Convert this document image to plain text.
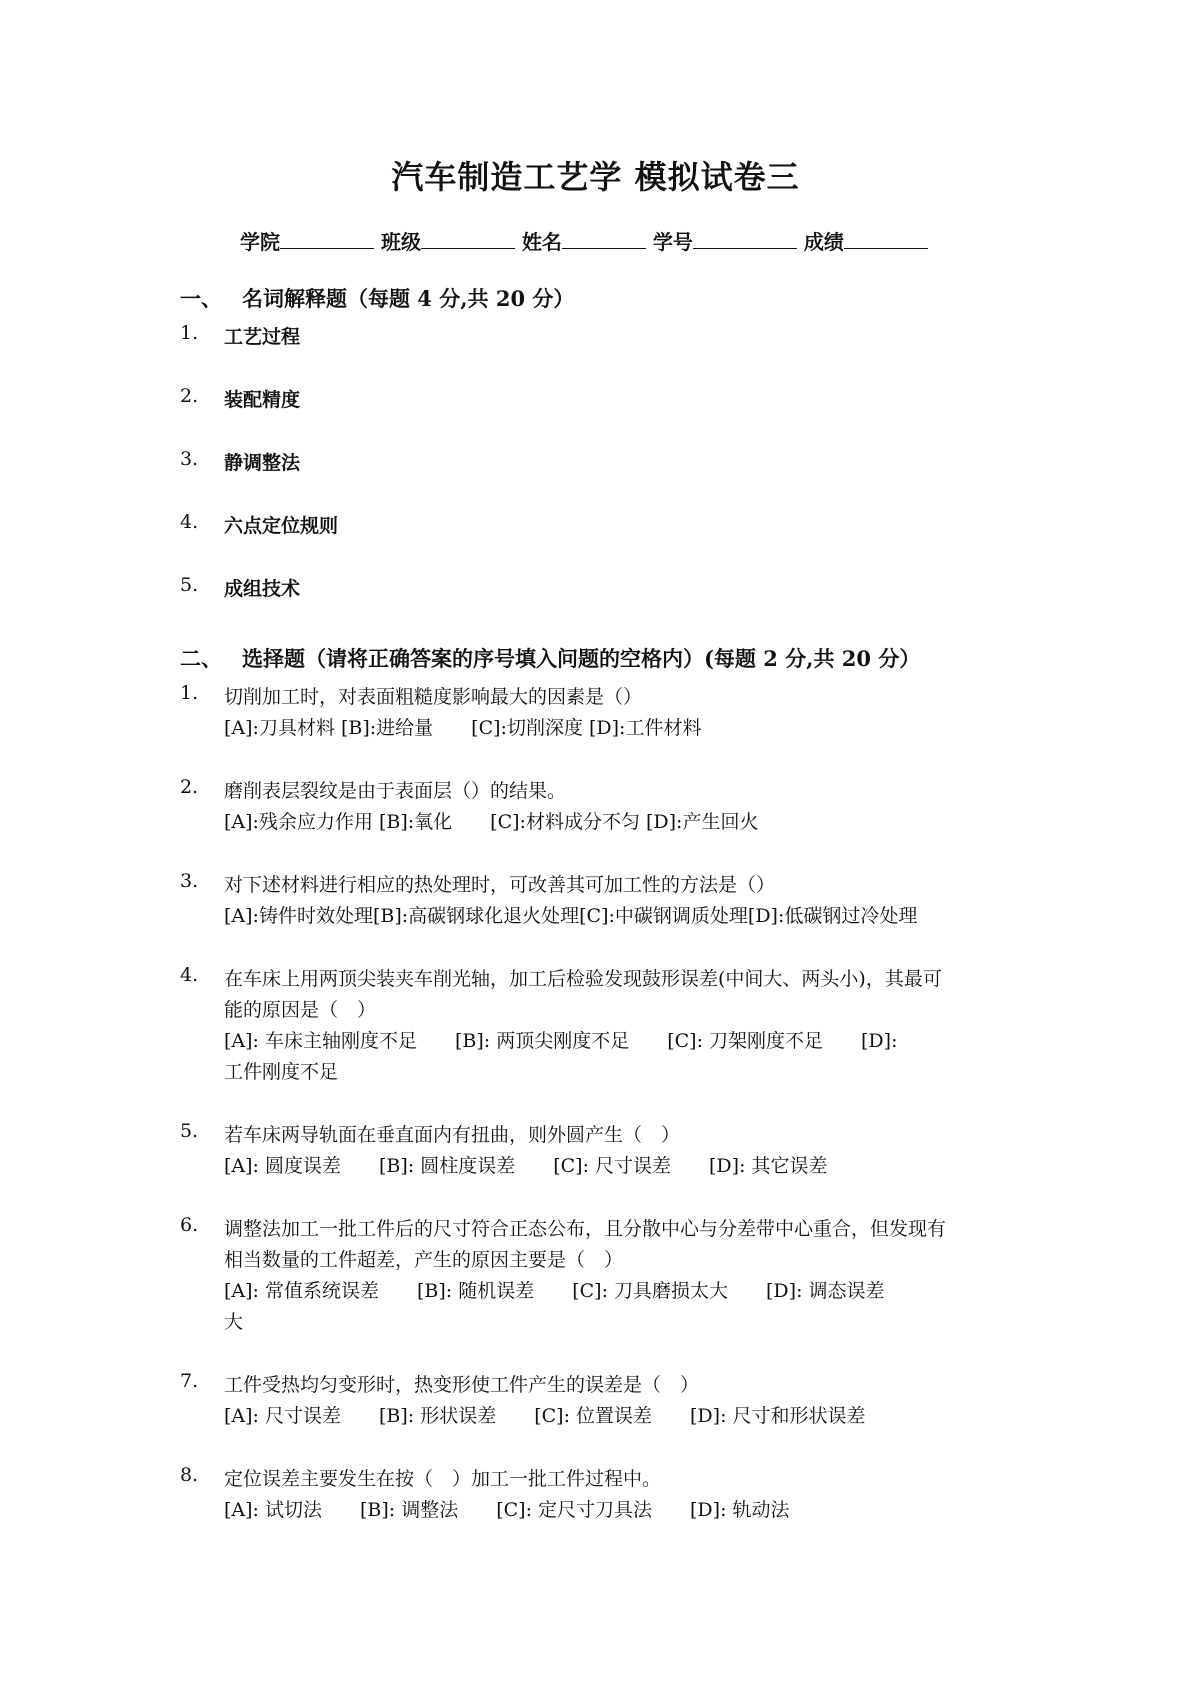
汽车制造工艺学 模拟试卷三
学院	班级	姓名	学号	成绩
一、 名词解释题（每题 4 分,共 20 分）
1. 工艺过程
2. 装配精度
3. 静调整法
4. 六点定位规则
5. 成组技术
二、 选择题（请将正确答案的序号填入问题的空格内）(每题 2 分,共 20 分）
1. 切削加工时，对表面粗糙度影响最大的因素是（）
[A]:刀具材料 [B]:进给量　　[C]:切削深度 [D]:工件材料
2. 磨削表层裂纹是由于表面层（）的结果。
[A]:残余应力作用 [B]:氧化　　[C]:材料成分不匀 [D]:产生回火
3. 对下述材料进行相应的热处理时，可改善其可加工性的方法是（）
[A]:铸件时效处理[B]:高碳钢球化退火处理[C]:中碳钢调质处理[D]:低碳钢过冷处理
4. 在车床上用两顶尖装夹车削光轴，加工后检验发现鼓形误差(中间大、两头小)，其最可
能的原因是（　）
[A]: 车床主轴刚度不足　　[B]: 两顶尖刚度不足　　[C]: 刀架刚度不足　　[D]:
工件刚度不足
5. 若车床两导轨面在垂直面内有扭曲，则外圆产生（　）
[A]: 圆度误差　　[B]: 圆柱度误差　　[C]: 尺寸误差　　[D]: 其它误差
6. 调整法加工一批工件后的尺寸符合正态公布，且分散中心与分差带中心重合，但发现有
相当数量的工件超差，产生的原因主要是（　）
[A]: 常值系统误差　　[B]: 随机误差　　[C]: 刀具磨损太大　　[D]: 调态误差
大
7. 工件受热均匀变形时，热变形使工件产生的误差是（　）
[A]: 尺寸误差　　[B]: 形状误差　　[C]: 位置误差　　[D]: 尺寸和形状误差
8. 定位误差主要发生在按（　）加工一批工件过程中。
[A]: 试切法　　[B]: 调整法　　[C]: 定尺寸刀具法　　[D]: 轨动法
